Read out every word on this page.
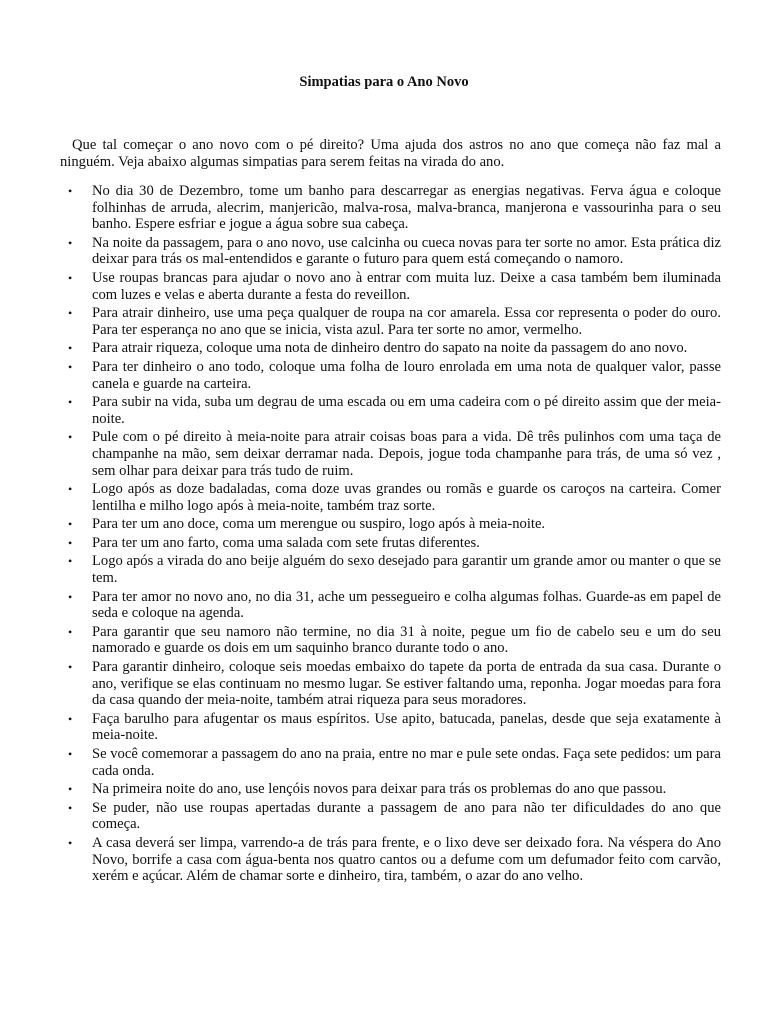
Simpatias para o Ano Novo

Que tal começar o ano novo com o pé direito? Uma ajuda dos astros no ano que começa não faz mal a ninguém. Veja abaixo algumas simpatias para serem feitas na virada do ano.

• No dia 30 de Dezembro, tome um banho para descarregar as energias negativas. Ferva água e coloque folhinhas de arruda, alecrim, manjericão, malva-rosa, malva-branca, manjerona e vassourinha para o seu banho. Espere esfriar e jogue a água sobre sua cabeça.
• Na noite da passagem, para o ano novo, use calcinha ou cueca novas para ter sorte no amor. Esta prática diz deixar para trás os mal-entendidos e garante o futuro para quem está começando o namoro.
• Use roupas brancas para ajudar o novo ano à entrar com muita luz. Deixe a casa também bem iluminada com luzes e velas e aberta durante a festa do reveillon.
• Para atrair dinheiro, use uma peça qualquer de roupa na cor amarela. Essa cor representa o poder do ouro. Para ter esperança no ano que se inicia, vista azul. Para ter sorte no amor, vermelho.
• Para atrair riqueza, coloque uma nota de dinheiro dentro do sapato na noite da passagem do ano novo.
• Para ter dinheiro o ano todo, coloque uma folha de louro enrolada em uma nota de qualquer valor, passe canela e guarde na carteira.
• Para subir na vida, suba um degrau de uma escada ou em uma cadeira com o pé direito assim que der meia-noite.
• Pule com o pé direito à meia-noite para atrair coisas boas para a vida. Dê três pulinhos com uma taça de champanhe na mão, sem deixar derramar nada. Depois, jogue toda champanhe para trás, de uma só vez , sem olhar para deixar para trás tudo de ruim.
• Logo após as doze badaladas, coma doze uvas grandes ou romãs e guarde os caroços na carteira. Comer lentilha e milho logo após à meia-noite, também traz sorte.
• Para ter um ano doce, coma um merengue ou suspiro, logo após à meia-noite.
• Para ter um ano farto, coma uma salada com sete frutas diferentes.
• Logo após a virada do ano beije alguém do sexo desejado para garantir um grande amor ou manter o que se tem.
• Para ter amor no novo ano, no dia 31, ache um pessegueiro e colha algumas folhas. Guarde-as em papel de seda e coloque na agenda.
• Para garantir que seu namoro não termine, no dia 31 à noite, pegue um fio de cabelo seu e um do seu namorado e guarde os dois em um saquinho branco durante todo o ano.
• Para garantir dinheiro, coloque seis moedas embaixo do tapete da porta de entrada da sua casa. Durante o ano, verifique se elas continuam no mesmo lugar. Se estiver faltando uma, reponha. Jogar moedas para fora da casa quando der meia-noite, também atrai riqueza para seus moradores.
• Faça barulho para afugentar os maus espíritos. Use apito, batucada, panelas, desde que seja exatamente à meia-noite.
• Se você comemorar a passagem do ano na praia, entre no mar e pule sete ondas. Faça sete pedidos: um para cada onda.
• Na primeira noite do ano, use lençóis novos para deixar para trás os problemas do ano que passou.
• Se puder, não use roupas apertadas durante a passagem de ano para não ter dificuldades do ano que começa.
• A casa deverá ser limpa, varrendo-a de trás para frente, e o lixo deve ser deixado fora. Na véspera do Ano Novo, borrife a casa com água-benta nos quatro cantos ou a defume com um defumador feito com carvão, xerém e açúcar. Além de chamar sorte e dinheiro, tira, também, o azar do ano velho.
